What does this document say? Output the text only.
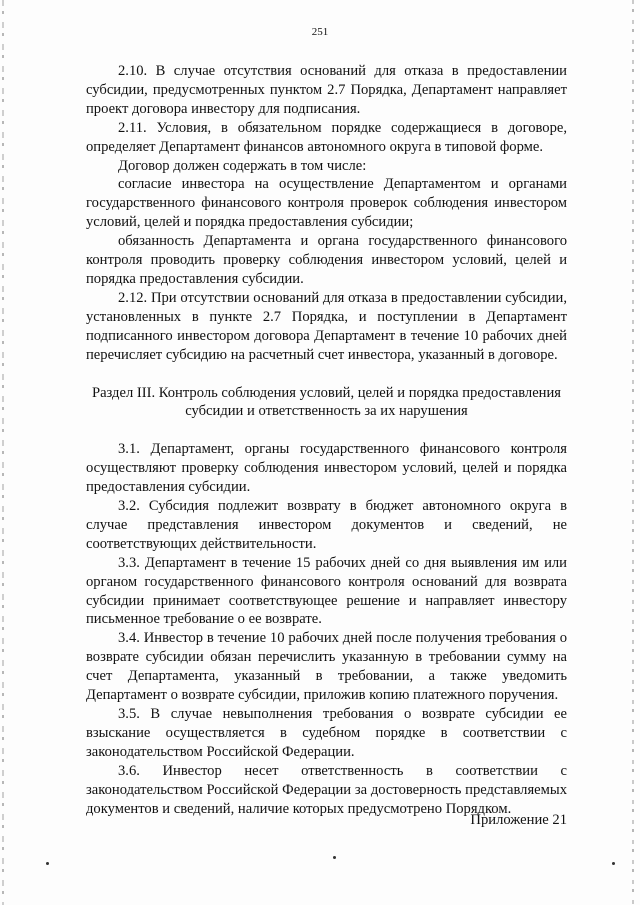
251

2.10. В случае отсутствия оснований для отказа в предоставлении субсидии, предусмотренных пунктом 2.7 Порядка, Департамент направляет проект договора инвестору для подписания.

2.11. Условия, в обязательном порядке содержащиеся в договоре, определяет Департамент финансов автономного округа в типовой форме.

Договор должен содержать в том числе:

согласие инвестора на осуществление Департаментом и органами государственного финансового контроля проверок соблюдения инвестором условий, целей и порядка предоставления субсидии;

обязанность Департамента и органа государственного финансового контроля проводить проверку соблюдения инвестором условий, целей и порядка предоставления субсидии.

2.12. При отсутствии оснований для отказа в предоставлении субсидии, установленных в пункте 2.7 Порядка, и поступлении в Департамент подписанного инвестором договора Департамент в течение 10 рабочих дней перечисляет субсидию на расчетный счет инвестора, указанный в договоре.

Раздел III. Контроль соблюдения условий, целей и порядка предоставления
субсидии и ответственность за их нарушения

3.1. Департамент, органы государственного финансового контроля осуществляют проверку соблюдения инвестором условий, целей и порядка предоставления субсидии.

3.2. Субсидия подлежит возврату в бюджет автономного округа в случае представления инвестором документов и сведений, не соответствующих действительности.

3.3. Департамент в течение 15 рабочих дней со дня выявления им или органом государственного финансового контроля оснований для возврата субсидии принимает соответствующее решение и направляет инвестору письменное требование о ее возврате.

3.4. Инвестор в течение 10 рабочих дней после получения требования о возврате субсидии обязан перечислить указанную в требовании сумму на счет Департамента, указанный в требовании, а также уведомить Департамент о возврате субсидии, приложив копию платежного поручения.

3.5. В случае невыполнения требования о возврате субсидии ее взыскание осуществляется в судебном порядке в соответствии с законодательством Российской Федерации.

3.6. Инвестор несет ответственность в соответствии с законодательством Российской Федерации за достоверность представляемых документов и сведений, наличие которых предусмотрено Порядком.

Приложение 21
